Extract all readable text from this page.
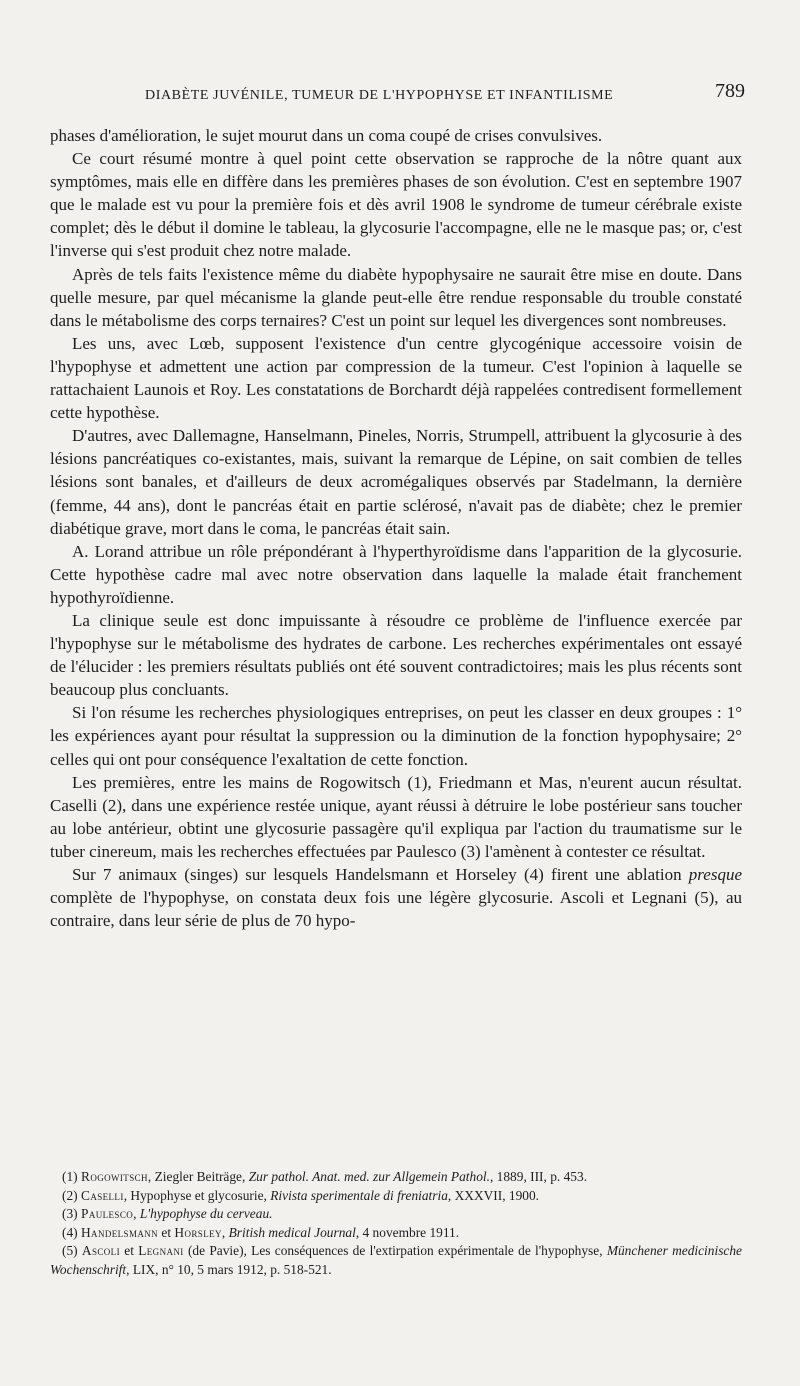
DIABÈTE JUVÉNILE, TUMEUR DE L'HYPOPHYSE ET INFANTILISME	789

phases d'amélioration, le sujet mourut dans un coma coupé de crises convulsives.

Ce court résumé montre à quel point cette observation se rapproche de la nôtre quant aux symptômes, mais elle en diffère dans les premières phases de son évolution. C'est en septembre 1907 que le malade est vu pour la première fois et dès avril 1908 le syndrome de tumeur cérébrale existe complet; dès le début il domine le tableau, la glycosurie l'accompagne, elle ne le masque pas; or, c'est l'inverse qui s'est produit chez notre malade.

Après de tels faits l'existence même du diabète hypophysaire ne saurait être mise en doute. Dans quelle mesure, par quel mécanisme la glande peut-elle être rendue responsable du trouble constaté dans le métabolisme des corps ternaires? C'est un point sur lequel les divergences sont nombreuses.

Les uns, avec Lœb, supposent l'existence d'un centre glycogénique accessoire voisin de l'hypophyse et admettent une action par compression de la tumeur. C'est l'opinion à laquelle se rattachaient Launois et Roy. Les constatations de Borchardt déjà rappelées contredisent formellement cette hypothèse.

D'autres, avec Dallemagne, Hanselmann, Pineles, Norris, Strumpell, attribuent la glycosurie à des lésions pancréatiques co-existantes, mais, suivant la remarque de Lépine, on sait combien de telles lésions sont banales, et d'ailleurs de deux acromégaliques observés par Stadelmann, la dernière (femme, 44 ans), dont le pancréas était en partie sclérosé, n'avait pas de diabète; chez le premier diabétique grave, mort dans le coma, le pancréas était sain.

A. Lorand attribue un rôle prépondérant à l'hyperthyroïdisme dans l'apparition de la glycosurie. Cette hypothèse cadre mal avec notre observation dans laquelle la malade était franchement hypothyroïdienne.

La clinique seule est donc impuissante à résoudre ce problème de l'influence exercée par l'hypophyse sur le métabolisme des hydrates de carbone. Les recherches expérimentales ont essayé de l'élucider : les premiers résultats publiés ont été souvent contradictoires; mais les plus récents sont beaucoup plus concluants.

Si l'on résume les recherches physiologiques entreprises, on peut les classer en deux groupes : 1° les expériences ayant pour résultat la suppression ou la diminution de la fonction hypophysaire; 2° celles qui ont pour conséquence l'exaltation de cette fonction.

Les premières, entre les mains de Rogowitsch (1), Friedmann et Mas, n'eurent aucun résultat. Caselli (2), dans une expérience restée unique, ayant réussi à détruire le lobe postérieur sans toucher au lobe antérieur, obtint une glycosurie passagère qu'il expliqua par l'action du traumatisme sur le tuber cinereum, mais les recherches effectuées par Paulesco (3) l'amènent à contester ce résultat.

Sur 7 animaux (singes) sur lesquels Handelsmann et Horseley (4) firent une ablation presque complète de l'hypophyse, on constata deux fois une légère glycosurie. Ascoli et Legnani (5), au contraire, dans leur série de plus de 70 hypo-

(1) Rogowitsch, Ziegler Beiträge, Zur pathol. Anat. med. zur Allgemein Pathol., 1889, III, p. 453.

(2) Caselli, Hypophyse et glycosurie, Rivista sperimentale di freniatria, XXXVII, 1900.

(3) Paulesco, L'hypophyse du cerveau.

(4) Handelsmann et Horsley, British medical Journal, 4 novembre 1911.

(5) Ascoli et Legnani (de Pavie), Les conséquences de l'extirpation expérimentale de l'hypophyse, Münchener medicinische Wochenschrift, LIX, n° 10, 5 mars 1912, p. 518-521.
